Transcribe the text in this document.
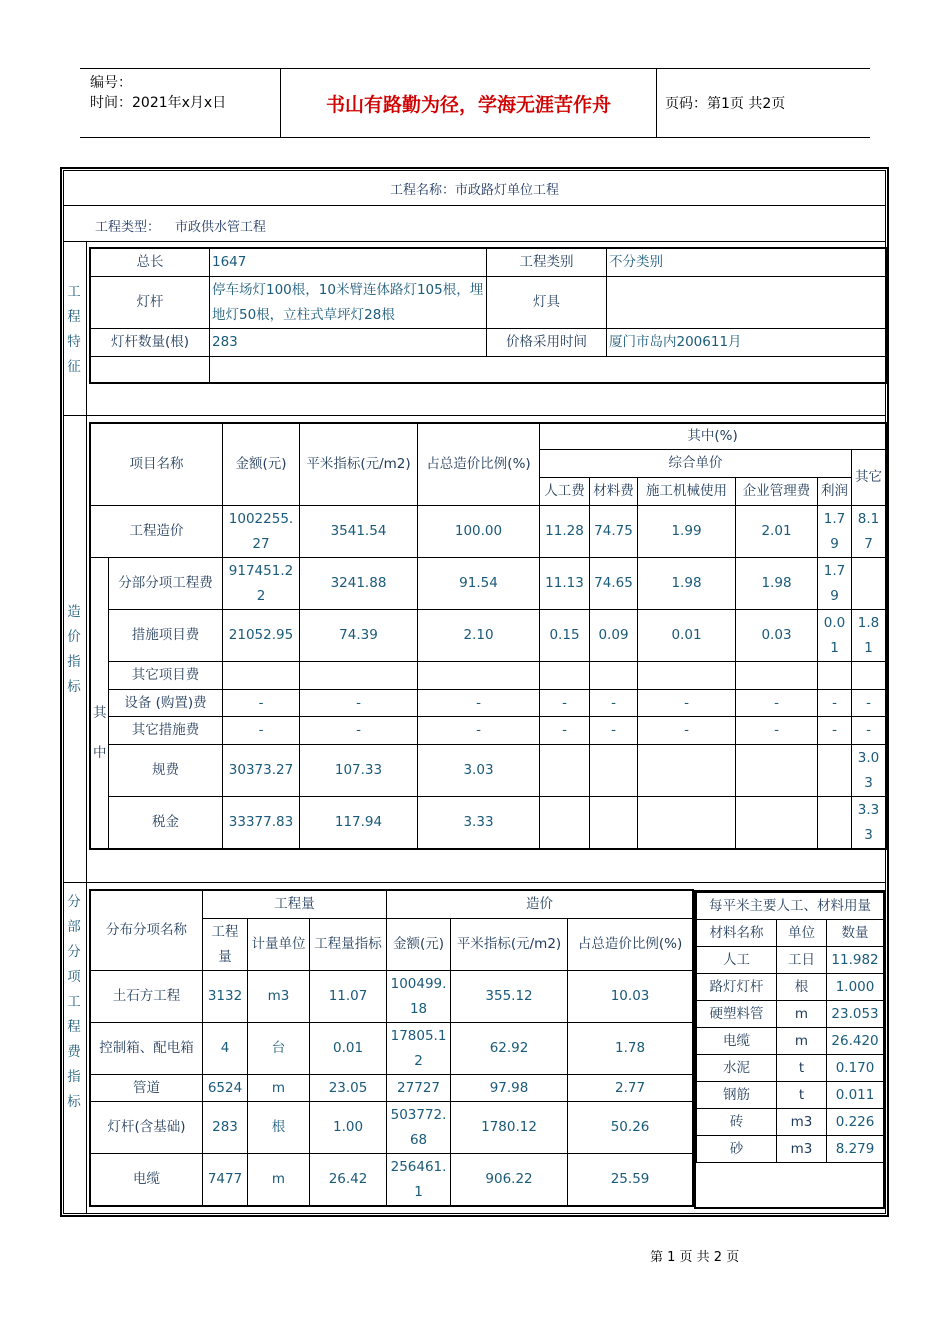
编号：
时间：2021年x月x日	书山有路勤为径，学海无涯苦作舟	页码：第1页 共2页
工程名称：市政路灯单位工程
工程类型： 市政供水管工程
工
程
特
征
总长	1647	工程类别	不分类别
灯杆	停车场灯100根，10米臂连体路灯105根，埋地灯50根，立柱式草坪灯28根	灯具	
灯杆数量(根)	283	价格采用时间	厦门市岛内200611月

造
价
指
标
项目名称		金额(元)	平米指标(元/m2)	占总造价比例(%)	其中(%)					
					综合单价					其它
					人工费	材料费	施工机械使用	企业管理费	利润	
工程造价		1002255.27	3541.54	100.00	11.28	74.75	1.99	2.01	1.79	8.17
其

中	分部分项工程费	917451.22	3241.88	91.54	11.13	74.65	1.98	1.98	1.79	
	措施项目费	21052.95	74.39	2.10	0.15	0.09	0.01	0.03	0.01	1.81
	其它项目费									
	设备 (购置)费	-	-	-	-	-	-	-	-	-
	其它措施费	-	-	-	-	-	-	-	-	-
	规费	30373.27	107.33	3.03						3.03
	税金	33377.83	117.94	3.33						3.33
分
部
分
项
工
程
费
指
标
分布分项名称	工程量			造价		
	工程量	计量单位	工程量指标	金额(元)	平米指标(元/m2)	占总造价比例(%)
土石方工程	3132	m3	11.07	100499.18	355.12	10.03
控制箱、配电箱	4	台	0.01	17805.12	62.92	1.78
管道	6524	m	23.05	27727	97.98	2.77
灯杆(含基础)	283	根	1.00	503772.68	1780.12	50.26
电缆	7477	m	26.42	256461.1	906.22	25.59
每平米主要人工、材料用量		
材料名称	单位	数量
人工	工日	11.982
路灯灯杆	根	1.000
硬塑料管	m	23.053
电缆	m	26.420
水泥	t	0.170
钢筋	t	0.011
砖	m3	0.226
砂	m3	8.279
第 1 页 共 2 页
